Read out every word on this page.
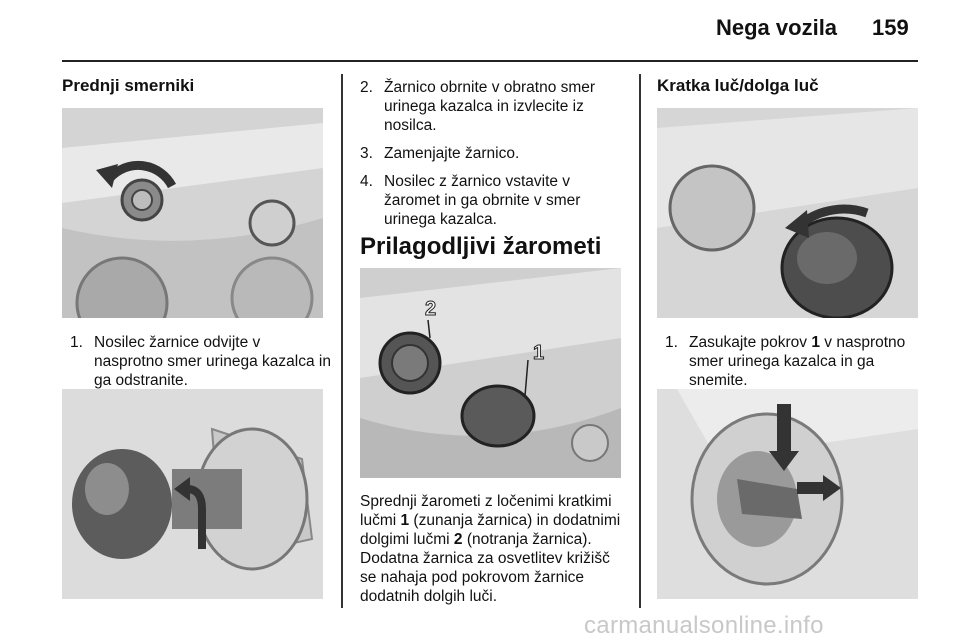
Nega vozila 159
Prednji smerniki
1. Nosilec žarnice odvijte v nasprotno smer urinega kazalca in ga odstranite.
2. Žarnico obrnite v obratno smer urinega kazalca in izvlecite iz nosilca.
3. Zamenjajte žarnico.
4. Nosilec z žarnico vstavite v žaromet in ga obrnite v smer urinega kazalca.
Prilagodljivi žarometi
2
1

Sprednji žarometi z ločenimi kratkimi lučmi 1 (zunanja žarnica) in dodatnimi dolgimi lučmi 2 (notranja žarnica). Dodatna žarnica za osvetlitev križišč se nahaja pod pokrovom žarnice dodatnih dolgih luči.

Kratka luč/dolga luč
1. Zasukajte pokrov 1 v nasprotno smer urinega kazalca in ga snemite.
carmanualsonline.info
